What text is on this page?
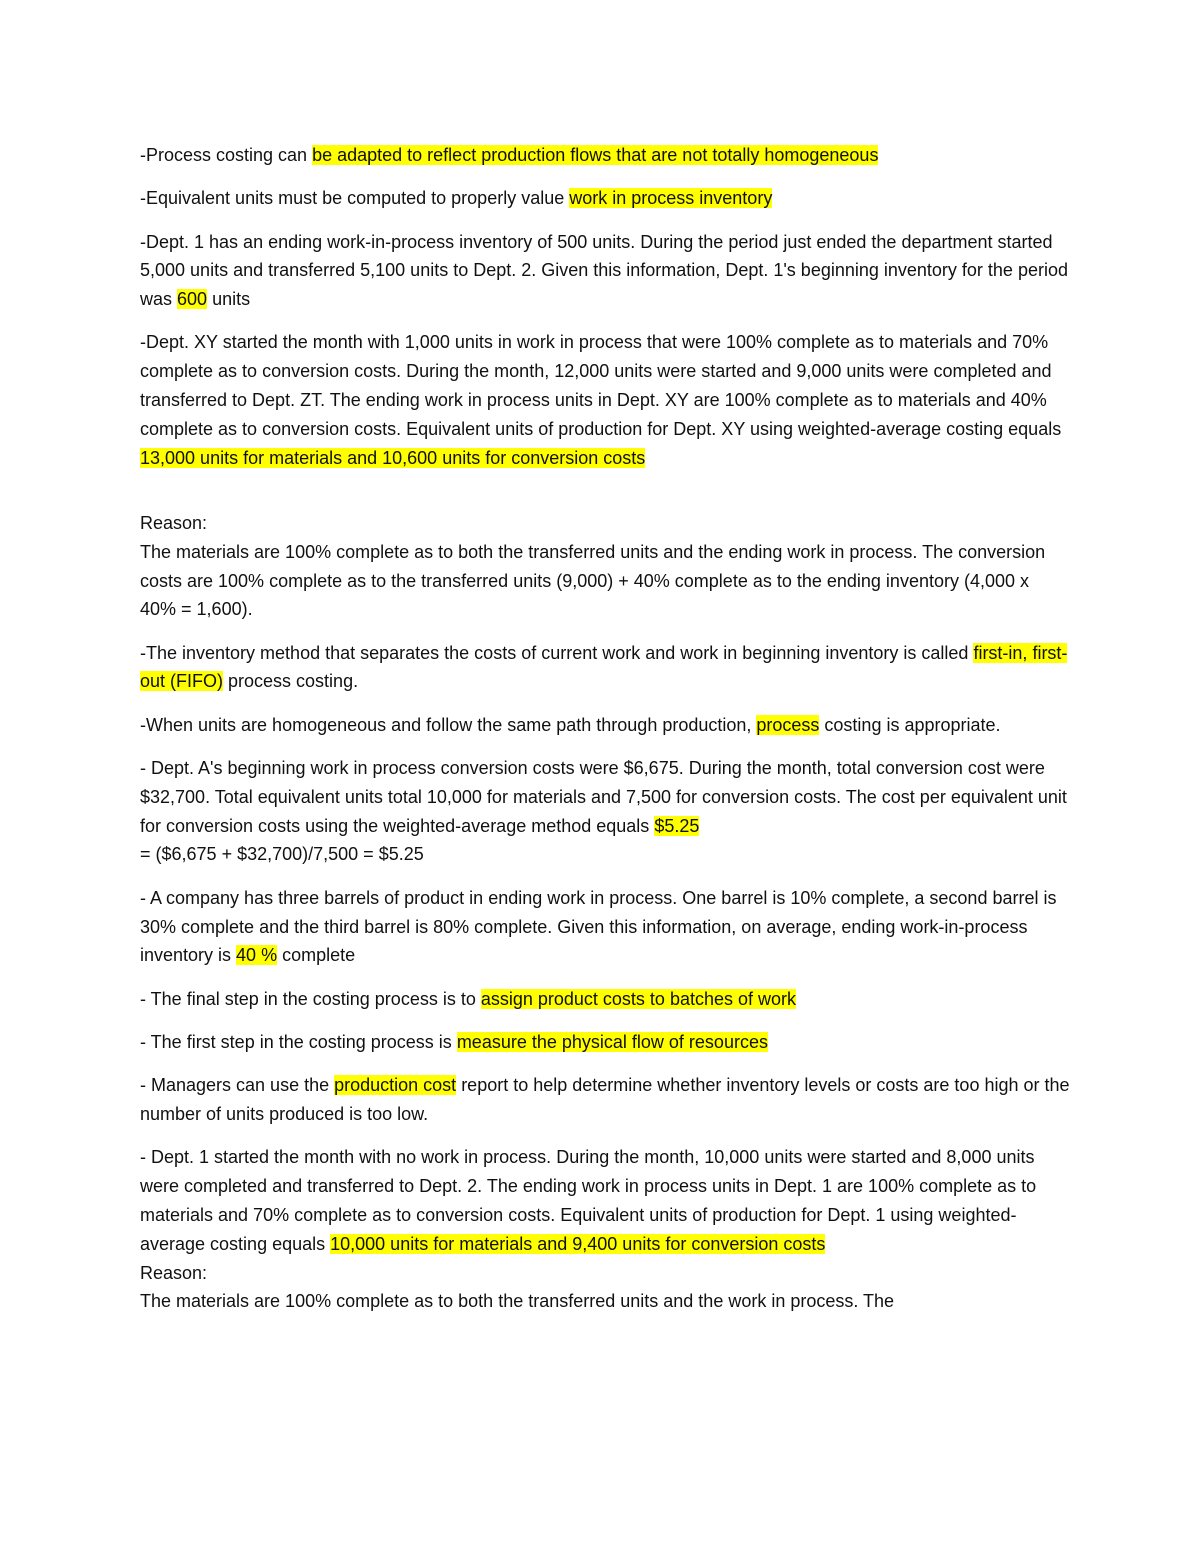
-Process costing can be adapted to reflect production flows that are not totally homogeneous

-Equivalent units must be computed to properly value work in process inventory

-Dept. 1 has an ending work-in-process inventory of 500 units. During the period just ended the department started 5,000 units and transferred 5,100 units to Dept. 2. Given this information, Dept. 1's beginning inventory for the period was 600 units

-Dept. XY started the month with 1,000 units in work in process that were 100% complete as to materials and 70% complete as to conversion costs. During the month, 12,000 units were started and 9,000 units were completed and transferred to Dept. ZT. The ending work in process units in Dept. XY are 100% complete as to materials and 40% complete as to conversion costs. Equivalent units of production for Dept. XY using weighted-average costing equals 13,000 units for materials and 10,600 units for conversion costs

Reason:

The materials are 100% complete as to both the transferred units and the ending work in process. The conversion costs are 100% complete as to the transferred units (9,000) + 40% complete as to the ending inventory (4,000 x 40% = 1,600).

-The inventory method that separates the costs of current work and work in beginning inventory is called first-in, first-out (FIFO) process costing.

-When units are homogeneous and follow the same path through production, process costing is appropriate.

- Dept. A's beginning work in process conversion costs were $6,675. During the month, total conversion cost were $32,700. Total equivalent units total 10,000 for materials and 7,500 for conversion costs. The cost per equivalent unit for conversion costs using the weighted-average method equals $5.25
= ($6,675 + $32,700)/7,500 = $5.25

- A company has three barrels of product in ending work in process. One barrel is 10% complete, a second barrel is 30% complete and the third barrel is 80% complete. Given this information, on average, ending work-in-process inventory is 40 % complete

- The final step in the costing process is to assign product costs to batches of work

- The first step in the costing process is measure the physical flow of resources

- Managers can use the production cost report to help determine whether inventory levels or costs are too high or the number of units produced is too low.

- Dept. 1 started the month with no work in process. During the month, 10,000 units were started and 8,000 units were completed and transferred to Dept. 2. The ending work in process units in Dept. 1 are 100% complete as to materials and 70% complete as to conversion costs. Equivalent units of production for Dept. 1 using weighted-average costing equals 10,000 units for materials and 9,400 units for conversion costs

Reason:

The materials are 100% complete as to both the transferred units and the work in process. The
